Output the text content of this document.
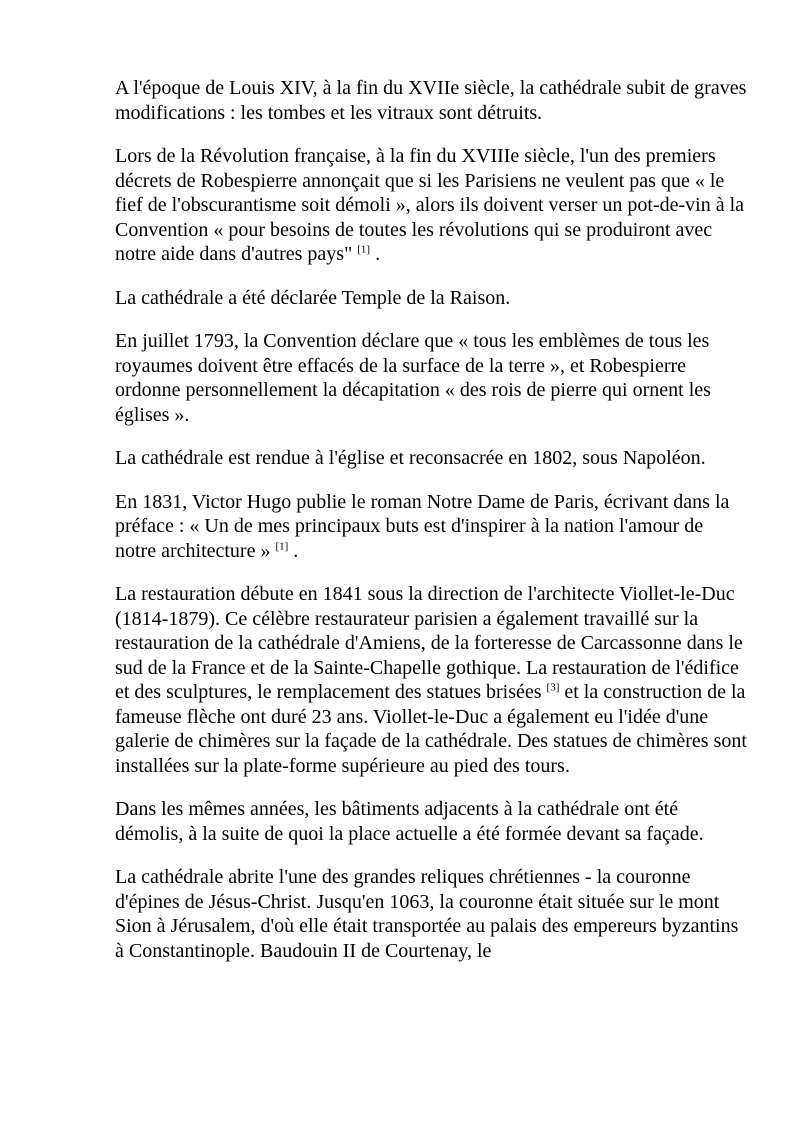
A l'époque de Louis XIV, à la fin du XVIIe siècle, la cathédrale subit de graves modifications : les tombes et les vitraux sont détruits.

Lors de la Révolution française, à la fin du XVIIIe siècle, l'un des premiers décrets de Robespierre annonçait que si les Parisiens ne veulent pas que « le fief de l'obscurantisme soit démoli », alors ils doivent verser un pot-de-vin à la Convention « pour besoins de toutes les révolutions qui se produiront avec notre aide dans d'autres pays" [1] .

La cathédrale a été déclarée Temple de la Raison.

En juillet 1793, la Convention déclare que « tous les emblèmes de tous les royaumes doivent être effacés de la surface de la terre », et Robespierre ordonne personnellement la décapitation « des rois de pierre qui ornent les églises ».

La cathédrale est rendue à l'église et reconsacrée en 1802, sous Napoléon.

En 1831, Victor Hugo publie le roman Notre Dame de Paris, écrivant dans la préface : « Un de mes principaux buts est d'inspirer à la nation l'amour de notre architecture » [1] .

La restauration débute en 1841 sous la direction de l'architecte Viollet-le-Duc (1814-1879). Ce célèbre restaurateur parisien a également travaillé sur la restauration de la cathédrale d'Amiens, de la forteresse de Carcassonne dans le sud de la France et de la Sainte-Chapelle gothique. La restauration de l'édifice et des sculptures, le remplacement des statues brisées [3] et la construction de la fameuse flèche ont duré 23 ans. Viollet-le-Duc a également eu l'idée d'une galerie de chimères sur la façade de la cathédrale. Des statues de chimères sont installées sur la plate-forme supérieure au pied des tours.

Dans les mêmes années, les bâtiments adjacents à la cathédrale ont été démolis, à la suite de quoi la place actuelle a été formée devant sa façade.

La cathédrale abrite l'une des grandes reliques chrétiennes - la couronne d'épines de Jésus-Christ. Jusqu'en 1063, la couronne était située sur le mont Sion à Jérusalem, d'où elle était transportée au palais des empereurs byzantins à Constantinople. Baudouin II de Courtenay, le
